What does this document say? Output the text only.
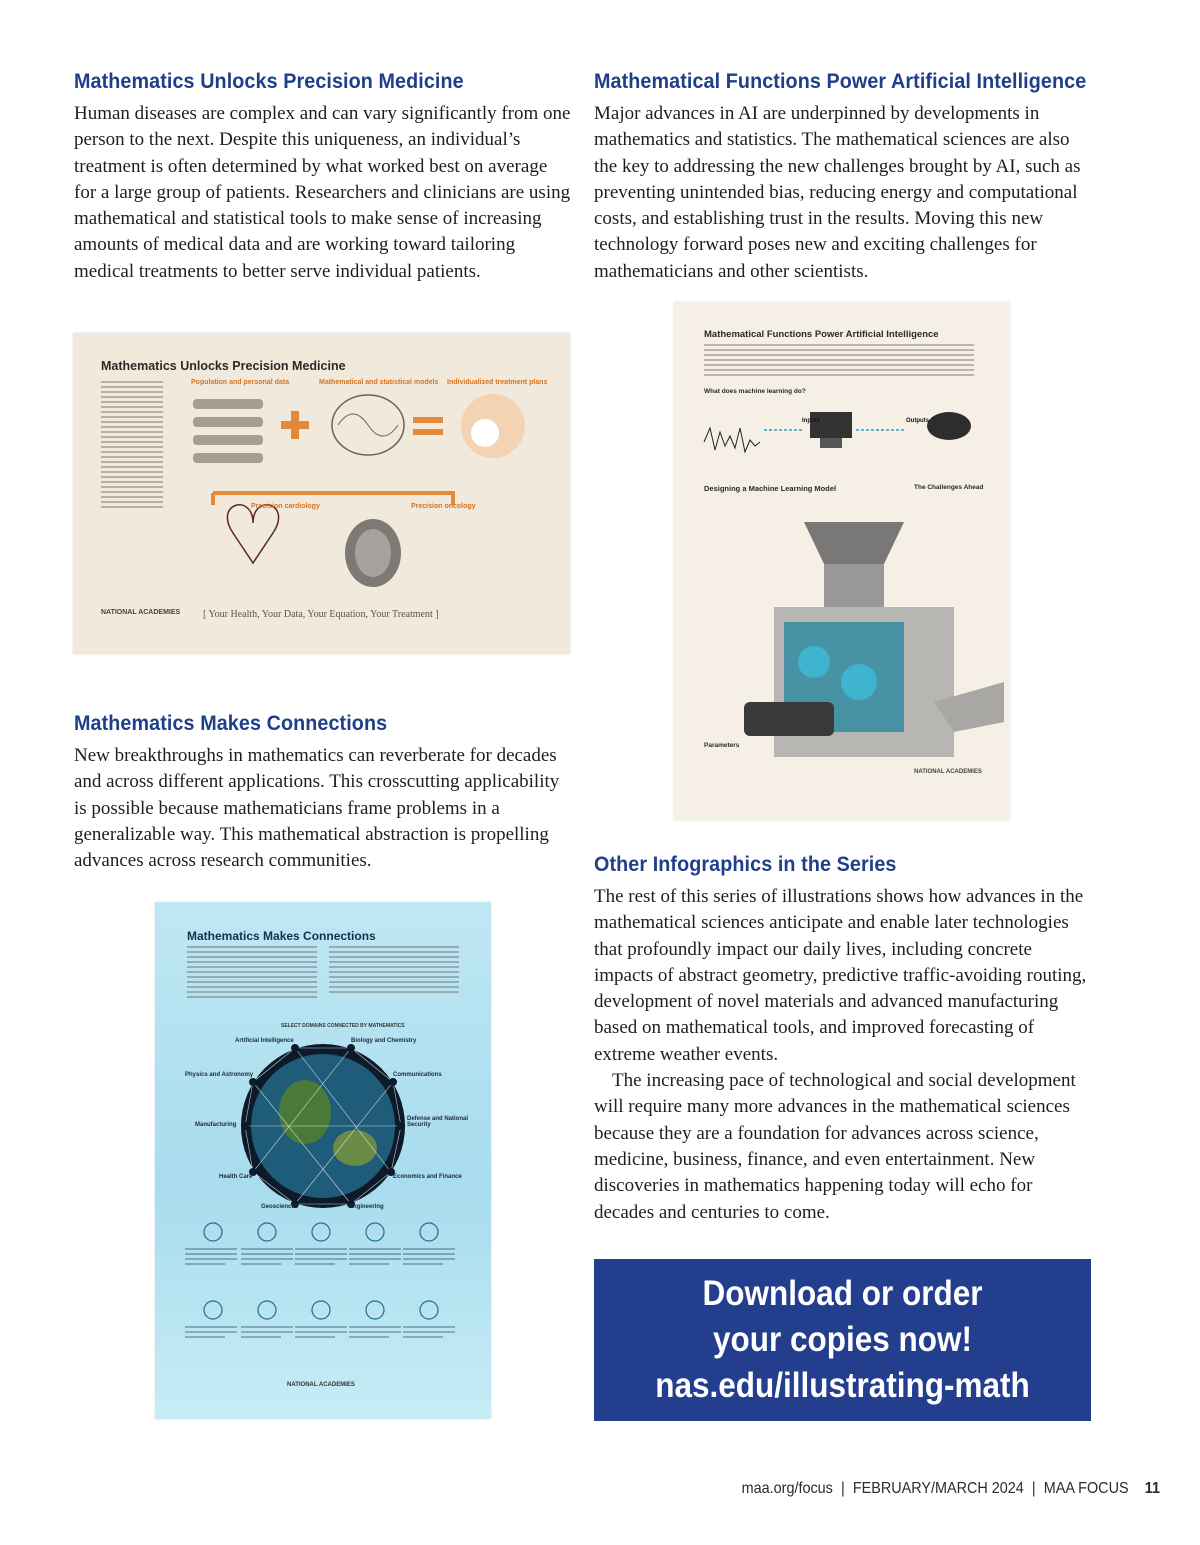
Mathematics Unlocks Precision Medicine

Human diseases are complex and can vary significantly from one person to the next. Despite this uniqueness, an individual’s treatment is often determined by what worked best on average for a large group of patients. Researchers and clinicians are using mathematical and statistical tools to make sense of increasing amounts of medical data and are working toward tailoring medical treatments to better serve individual patients.

Mathematics Makes Connections

New breakthroughs in mathematics can reverberate for decades and across different applications. This crosscutting applicability is possible because mathematicians frame problems in a generalizable way. This mathematical abstraction is propelling advances across research communities.

Mathematical Functions Power Artificial Intelligence

Major advances in AI are underpinned by developments in mathematics and statistics. The mathematical sciences are also the key to addressing the new challenges brought by AI, such as preventing unintended bias, reducing energy and computational costs, and establishing trust in the results. Moving this new technology forward poses new and exciting challenges for mathematicians and other scientists.

Other Infographics in the Series

The rest of this series of illustrations shows how advances in the mathematical sciences anticipate and enable later technologies that profoundly impact our daily lives, including concrete impacts of abstract geometry, predictive traffic-avoiding routing, development of novel materials and advanced manufacturing based on mathematical tools, and improved forecasting of extreme weather events.

The increasing pace of technological and social development will require many more advances in the mathematical sciences because they are a foundation for advances across science, medicine, business, finance, and even entertainment. New discoveries in mathematics happening today will echo for decades and centuries to come.

Mathematics Unlocks Precision Medicine
Population and personal data	Mathematical and statistical models Individualized treatment plans
Precision cardiology	Precision oncology
NATIONAL ACADEMIES [ Your Health, Your Data, Your Equation, Your Treatment ]
Mathematical Functions Power Artificial Intelligence
What does machine learning do?
Inputs	Outputs
Designing a Machine Learning Model	The Challenges Ahead
Parameters
NATIONAL ACADEMIES
Mathematics Makes Connections
SELECT DOMAINS CONNECTED BY MATHEMATICS
Artificial Intelligence	Biology and Chemistry
Physics and Astronomy	Communications
Manufacturing
Defense and National Security
Health Care	Economics and Finance
Geosciences	Engineering
NATIONAL ACADEMIES
Download or order
your copies now!
nas.edu/illustrating-math
maa.org/focus | FEBRUARY/MARCH 2024 | MAA FOCUS 11
